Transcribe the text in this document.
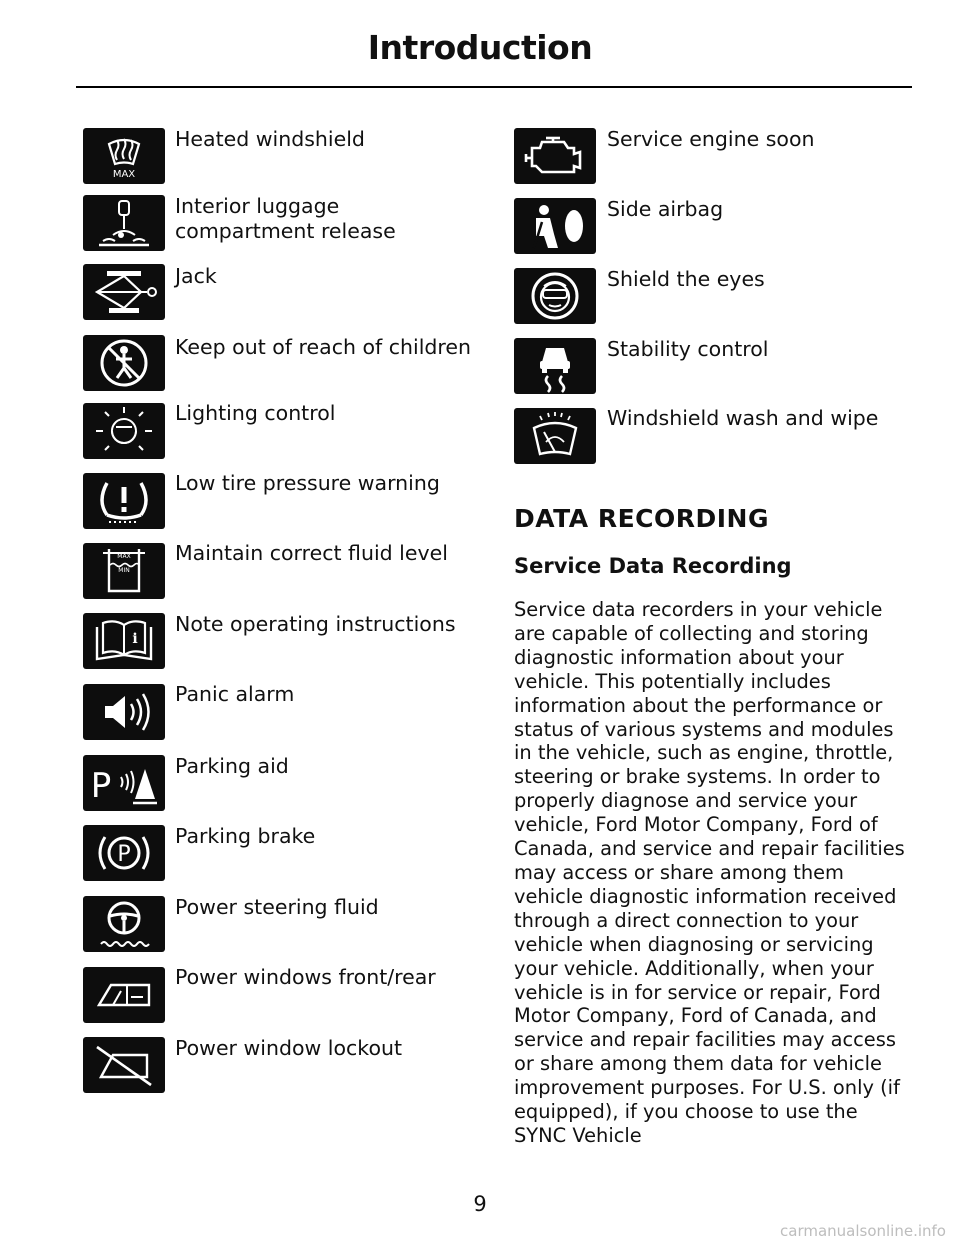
Introduction
MAX
Heated windshield
Interior luggage
compartment release
Jack
Keep out of reach of children
Lighting control
Low tire pressure warning
MAX
MIN
Maintain correct fluid level
i
Note operating instructions
Panic alarm
P	Parking aid
P
Parking brake
Power steering fluid
Power windows front/rear
Power window lockout
Service engine soon
Side airbag
Shield the eyes
Stability control
Windshield wash and wipe
DATA RECORDING
Service Data Recording
Service data recorders in your vehicle are capable of collecting and storing diagnostic information about your vehicle. This potentially includes information about the performance or status of various systems and modules in the vehicle, such as engine, throttle, steering or brake systems. In order to properly diagnose and service your vehicle, Ford Motor Company, Ford of Canada, and service and repair facilities may access or share among them vehicle diagnostic information received through a direct connection to your vehicle when diagnosing or servicing your vehicle. Additionally, when your vehicle is in for service or repair, Ford Motor Company, Ford of Canada, and service and repair facilities may access or share among them data for vehicle improvement purposes. For U.S. only (if equipped), if you choose to use the SYNC Vehicle
9
carmanualsonline.info
